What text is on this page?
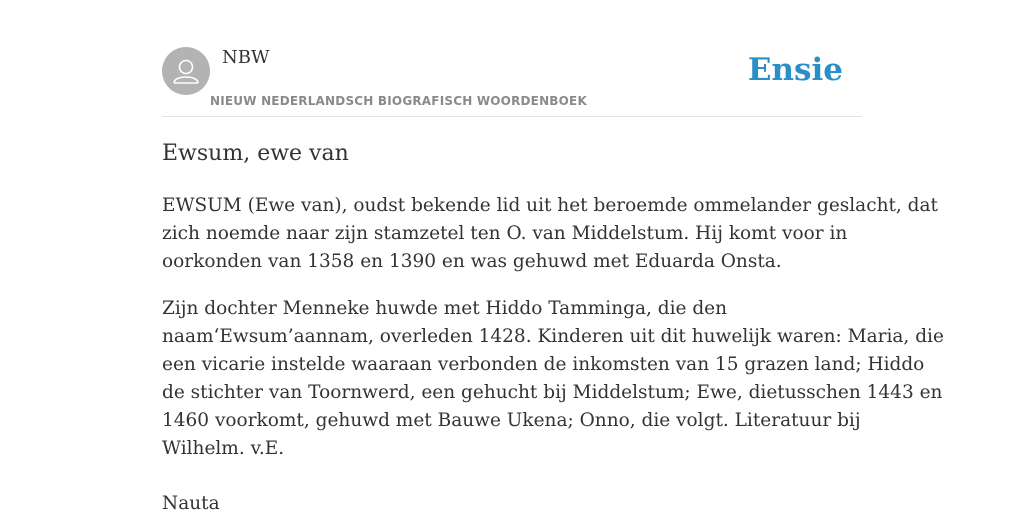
NBW
NIEUW NEDERLANDSCH BIOGRAFISCH WOORDENBOEK
Ensie
Ewsum, ewe van
EWSUM (Ewe van), oudst bekende lid uit het beroemde ommelander geslacht, dat
zich noemde naar zijn stamzetel ten O. van Middelstum. Hij komt voor in
oorkonden van 1358 en 1390 en was gehuwd met Eduarda Onsta.
Zijn dochter Menneke huwde met Hiddo Tamminga, die den
naam‘Ewsum’aannam, overleden 1428. Kinderen uit dit huwelijk waren: Maria, die
een vicarie instelde waaraan verbonden de inkomsten van 15 grazen land; Hiddo
de stichter van Toornwerd, een gehucht bij Middelstum; Ewe, dietusschen 1443 en
1460 voorkomt, gehuwd met Bauwe Ukena; Onno, die volgt. Literatuur bij
Wilhelm. v.E.
Nauta
